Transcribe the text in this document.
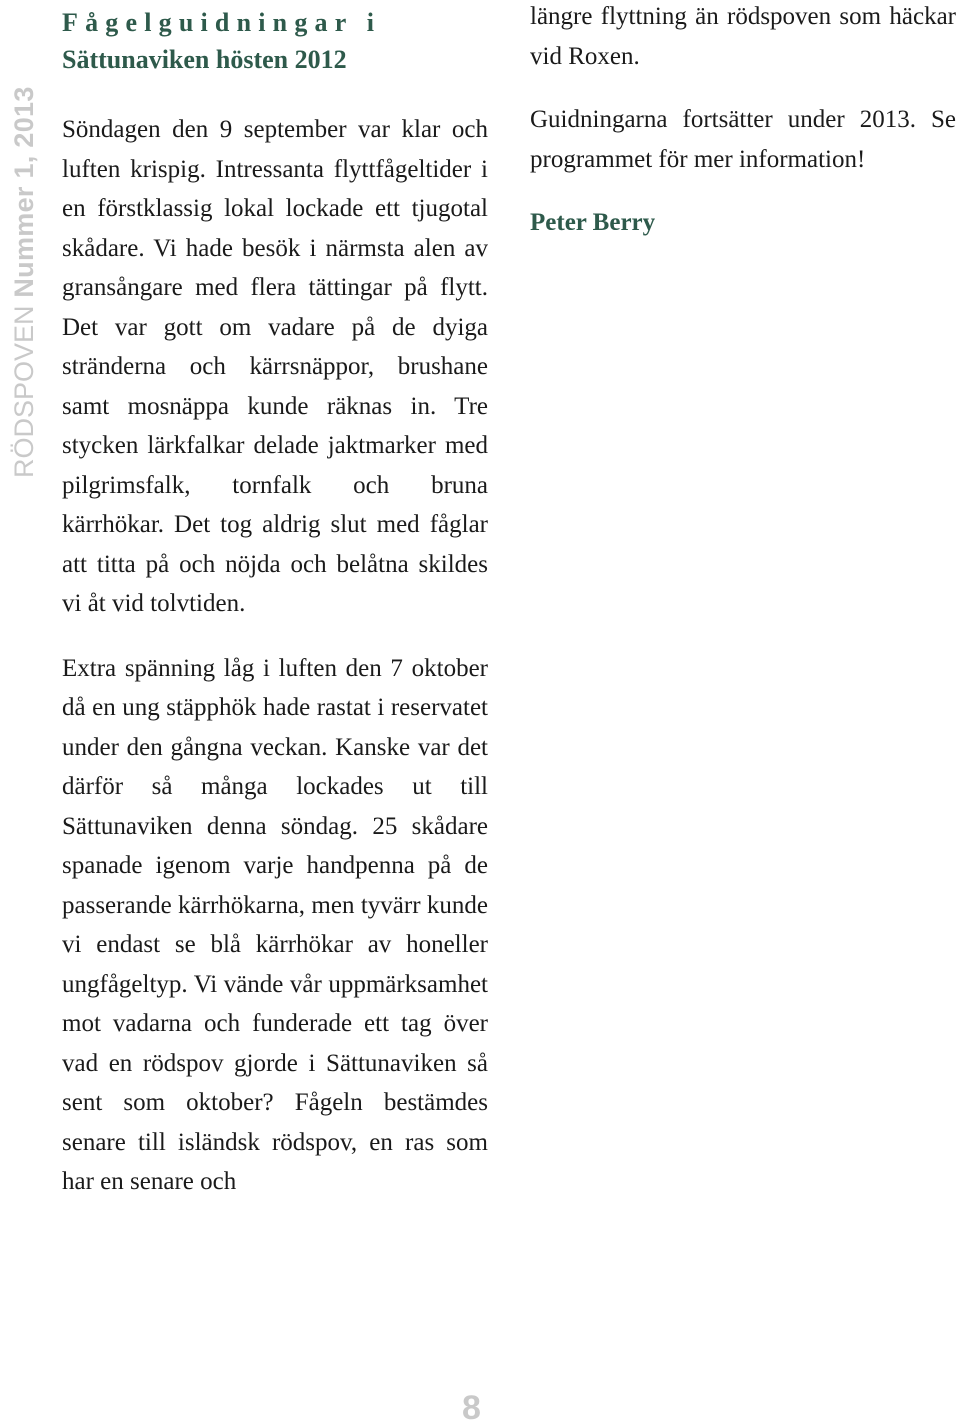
RÖDSPOVEN Nummer 1, 2013
Fågelguidningar i
Sättunaviken hösten 2012

Söndagen den 9 september var klar och luften krispig. Intressanta flyttfågeltider i en förstklassig lokal lockade ett tjugotal skådare. Vi hade besök i närmsta alen av gransångare med flera tättingar på flytt. Det var gott om vadare på de dyiga stränderna och kärrsnäppor, brushane samt mosnäppa kunde räknas in. Tre stycken lärkfalkar delade jaktmarker med pilgrimsfalk, tornfalk och bruna kärrhökar. Det tog aldrig slut med fåglar att titta på och nöjda och belåtna skildes vi åt vid tolvtiden.

Extra spänning låg i luften den 7 oktober då en ung stäpphök hade rastat i reservatet under den gångna veckan. Kanske var det därför så många lockades ut till Sättunaviken denna söndag. 25 skådare spanade igenom varje handpenna på de passerande kärrhökarna, men tyvärr kunde vi endast se blå kärrhökar av honeller ungfågeltyp. Vi vände vår uppmärksamhet mot vadarna och funderade ett tag över vad en rödspov gjorde i Sättunaviken så sent som oktober? Fågeln bestämdes senare till isländsk rödspov, en ras som har en senare och

längre flyttning än rödspoven som häckar vid Roxen.

Guidningarna fortsätter under 2013. Se programmet för mer information!

Peter Berry
8
